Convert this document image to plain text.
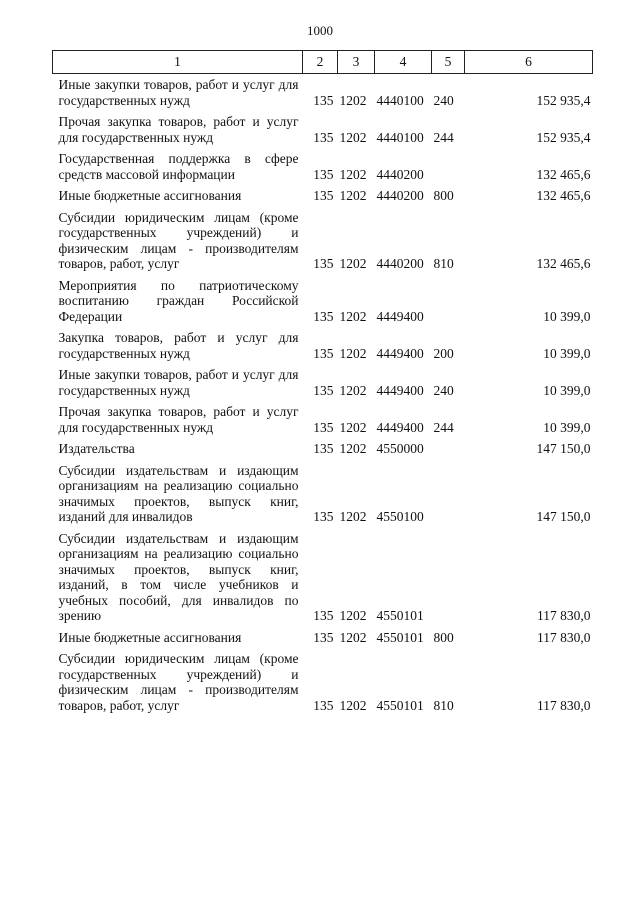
1000
1	2	3	4	5	6
Иные закупки товаров, работ и услуг для государственных нужд	135	1202	4440100	240	152 935,4
Прочая закупка товаров, работ и услуг для государственных нужд	135	1202	4440100	244	152 935,4
Государственная поддержка в сфере средств массовой информации	135	1202	4440200		132 465,6
Иные бюджетные ассигнования	135	1202	4440200	800	132 465,6
Субсидии юридическим лицам (кроме государственных учреждений) и физическим лицам - производителям товаров, работ, услуг	135	1202	4440200	810	132 465,6
Мероприятия по патриотическому воспитанию граждан Российской Федерации	135	1202	4449400		10 399,0
Закупка товаров, работ и услуг для государственных нужд	135	1202	4449400	200	10 399,0
Иные закупки товаров, работ и услуг для государственных нужд	135	1202	4449400	240	10 399,0
Прочая закупка товаров, работ и услуг для государственных нужд	135	1202	4449400	244	10 399,0
Издательства	135	1202	4550000		147 150,0
Субсидии издательствам и издающим организациям на реализацию социально значимых проектов, выпуск книг, изданий для инвалидов	135	1202	4550100		147 150,0
Субсидии издательствам и издающим организациям на реализацию социально значимых проектов, выпуск книг, изданий, в том числе учебников и учебных пособий, для инвалидов по зрению	135	1202	4550101		117 830,0
Иные бюджетные ассигнования	135	1202	4550101	800	117 830,0
Субсидии юридическим лицам (кроме государственных учреждений) и физическим лицам - производителям товаров, работ, услуг	135	1202	4550101	810	117 830,0
